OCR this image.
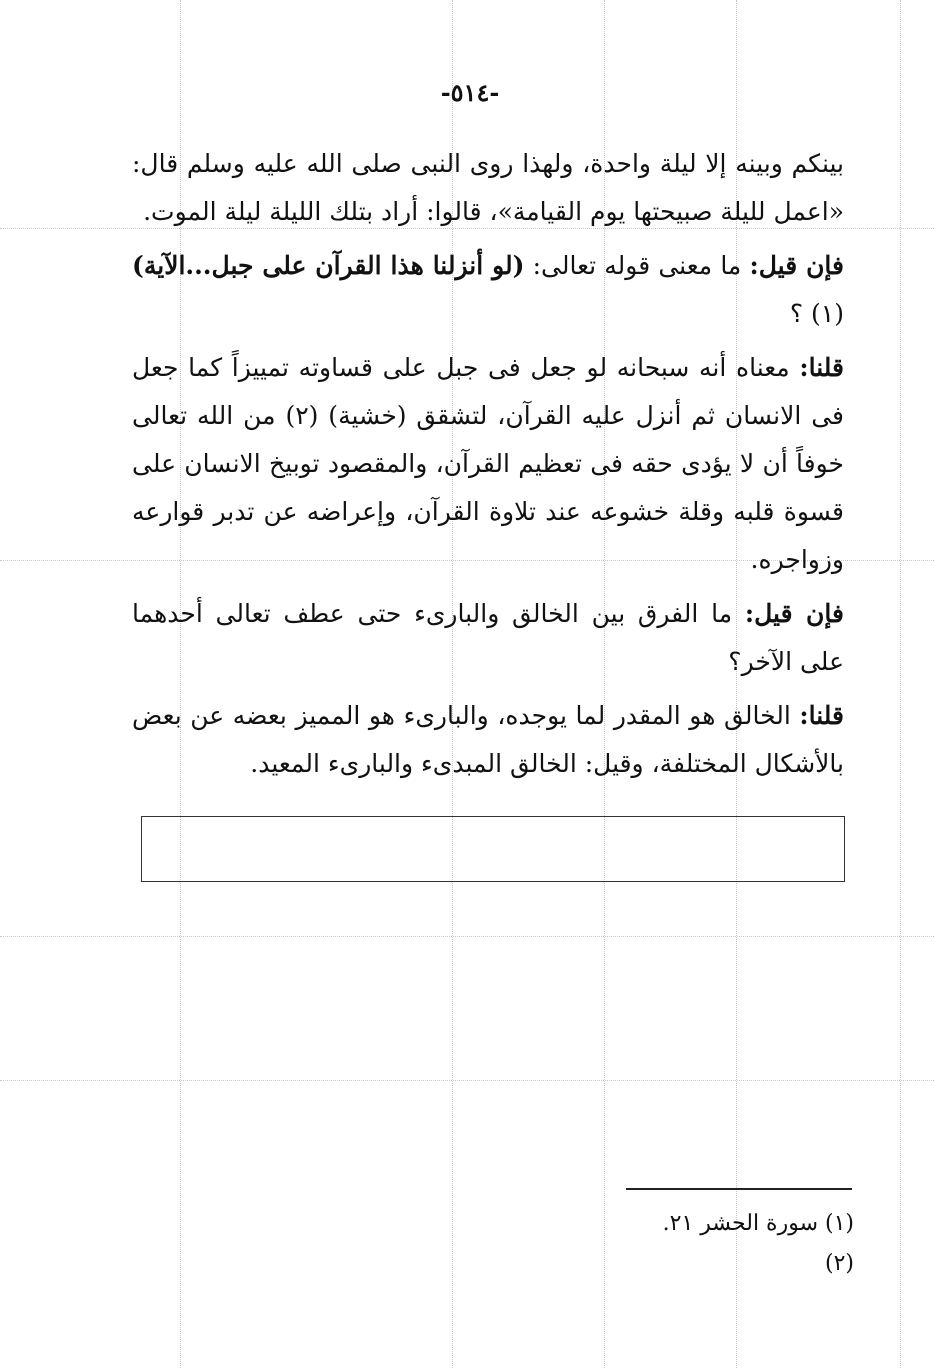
-٥١٤-

بينكم وبينه إلا ليلة واحدة، ولهذا روى النبى صلى الله عليه وسلم قال: «اعمل لليلة صبيحتها يوم القيامة»، قالوا: أراد بتلك الليلة ليلة الموت.

فإن قيل: ما معنى قوله تعالى: (لو أنزلنا هذا القرآن على جبل...الآية) (١) ؟

قلنا: معناه أنه سبحانه لو جعل فى جبل على قساوته تمييزاً كما جعل فى الانسان ثم أنزل عليه القرآن، لتشقق (خشية) (٢) من الله تعالى خوفاً أن لا يؤدى حقه فى تعظيم القرآن، والمقصود توبيخ الانسان على قسوة قلبه وقلة خشوعه عند تلاوة القرآن، وإعراضه عن تدبر قوارعه وزواجره.

فإن قيل: ما الفرق بين الخالق والبارىء حتى عطف تعالى أحدهما على الآخر؟

قلنا: الخالق هو المقدر لما يوجده، والبارىء هو المميز بعضه عن بعض بالأشكال المختلفة، وقيل: الخالق المبدىء والبارىء المعيد.

(١) سورة الحشر ٢١.
(٢)
